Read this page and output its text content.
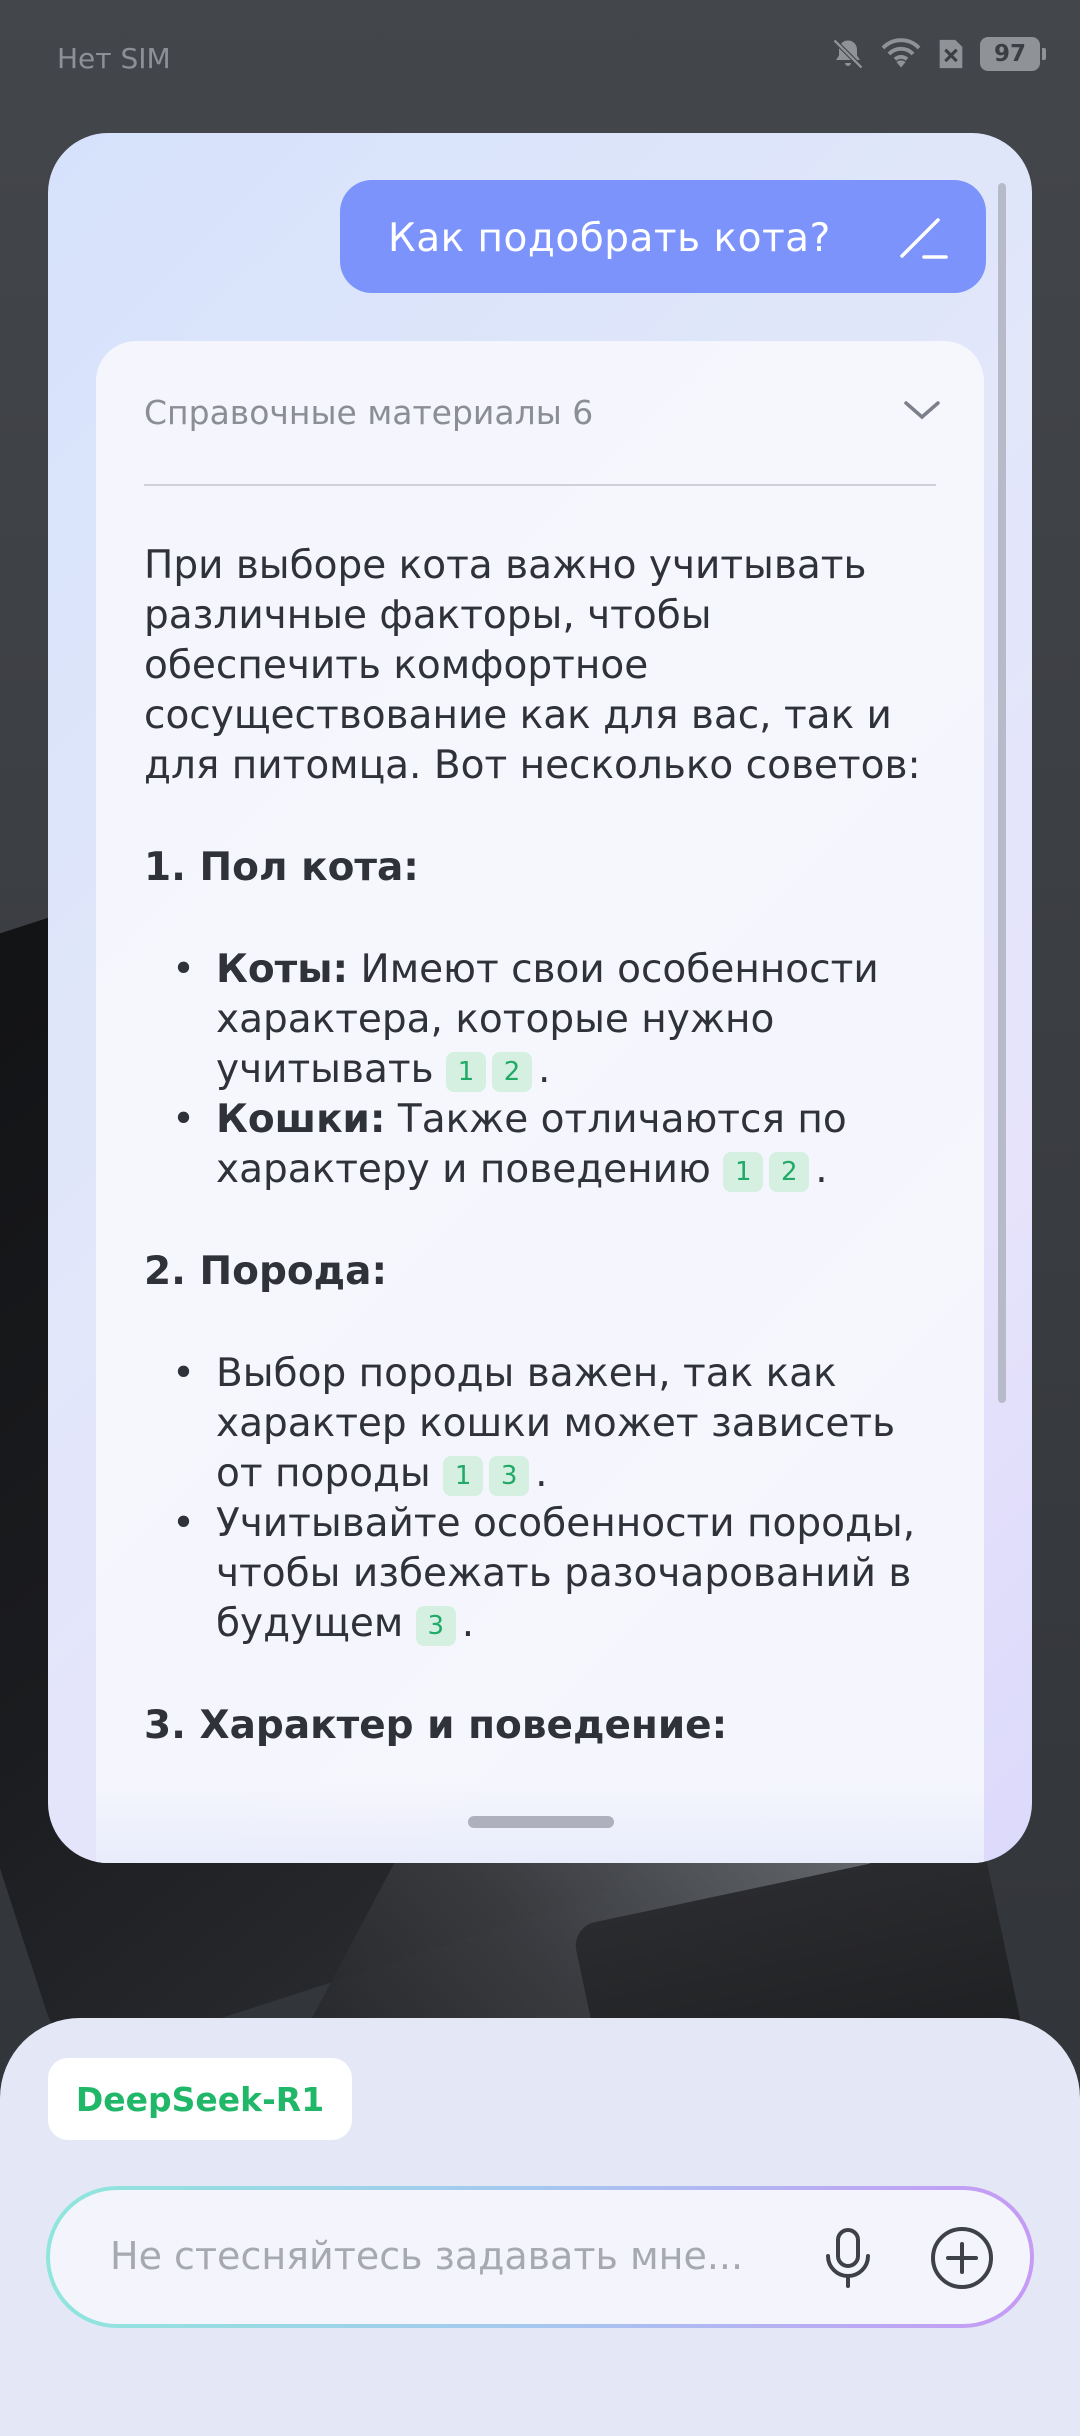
Нет SIM	97
Как подобрать кота?
Справочные материалы 6

При выборе кота важно учитывать различные факторы, чтобы обеспечить комфортное сосуществование как для вас, так и для питомца. Вот несколько советов:

1. Пол кота:
• Коты: Имеют свои особенности характера, которые нужно учитывать 1 2 .
• Кошки: Также отличаются по характеру и поведению 1 2 .
2. Порода:
• Выбор породы важен, так как характер кошки может зависеть от породы 1 3 .
• Учитывайте особенности породы, чтобы избежать разочарований в будущем 3 .
3. Характер и поведение:
DeepSeek-R1
Не стесняйтесь задавать мне...
